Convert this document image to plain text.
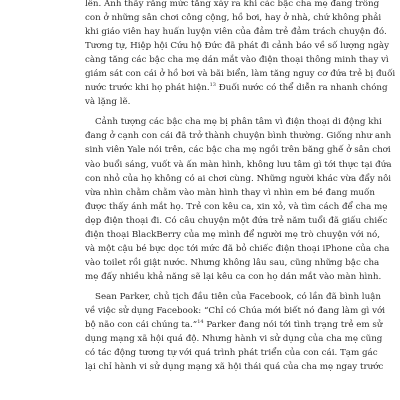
lên. Anh thấy rằng mức tăng xảy ra khi các bậc cha mẹ đang trông
con ở những sân chơi công cộng, hồ bơi, hay ở nhà, chứ không phải
khi giáo viên hay huấn luyện viên của đảm trẻ đảm trách chuyện đó.
Tương tự, Hiệp hội Cứu hộ Đức đã phát đi cảnh báo về số lượng ngày
càng tăng các bậc cha mẹ dán mắt vào điện thoại thông minh thay vì
giám sát con cái ở hồ bơi và bãi biển, làm tăng nguy cơ đứa trẻ bị đuối
nước trước khi họ phát hiện.$^{13}$ Đuối nước có thể diễn ra nhanh chóng
và lặng lẽ.

Cảnh tượng các bậc cha mẹ bị phân tâm vì điện thoại di động khi
đang ở cạnh con cái đã trở thành chuyện bình thường. Giống như anh
sinh viên Yale nói trên, các bậc cha mẹ ngồi trên băng ghế ở sân chơi
vào buổi sáng, vuốt và ấn màn hình, không lưu tâm gì tới thực tại đứa
con nhỏ của họ không có ai chơi cùng. Những người khác vừa đẩy nôi
vừa nhìn chằm chằm vào màn hình thay vì nhìn em bé đang muốn
được thấy ánh mắt họ. Trẻ con kêu ca, xin xỏ, và tìm cách để cha mẹ
dẹp điện thoại đi. Có câu chuyện một đứa trẻ năm tuổi đã giấu chiếc
điện thoại BlackBerry của mẹ mình để người mẹ trò chuyện với nó,
và một cậu bé bực dọc tới mức đã bỏ chiếc điện thoại iPhone của cha
vào toilet rồi giật nước. Nhưng không lâu sau, cũng những bậc cha
mẹ đấy nhiều khả năng sẽ lại kêu ca con họ dán mắt vào màn hình.

Sean Parker, chủ tịch đầu tiên của Facebook, có lần đã bình luận
về việc sử dụng Facebook: “Chỉ có Chúa mới biết nó đang làm gì với
bộ não con cái chúng ta.”$^{14}$ Parker đang nói tới tình trạng trẻ em sử
dụng mạng xã hội quá độ. Nhưng hành vi sử dụng của cha mẹ cũng
có tác động tương tự với quá trình phát triển của con cái. Tạm gác
lại chỉ hành vi sử dụng mạng xã hội thái quá của cha mẹ ngay trước
